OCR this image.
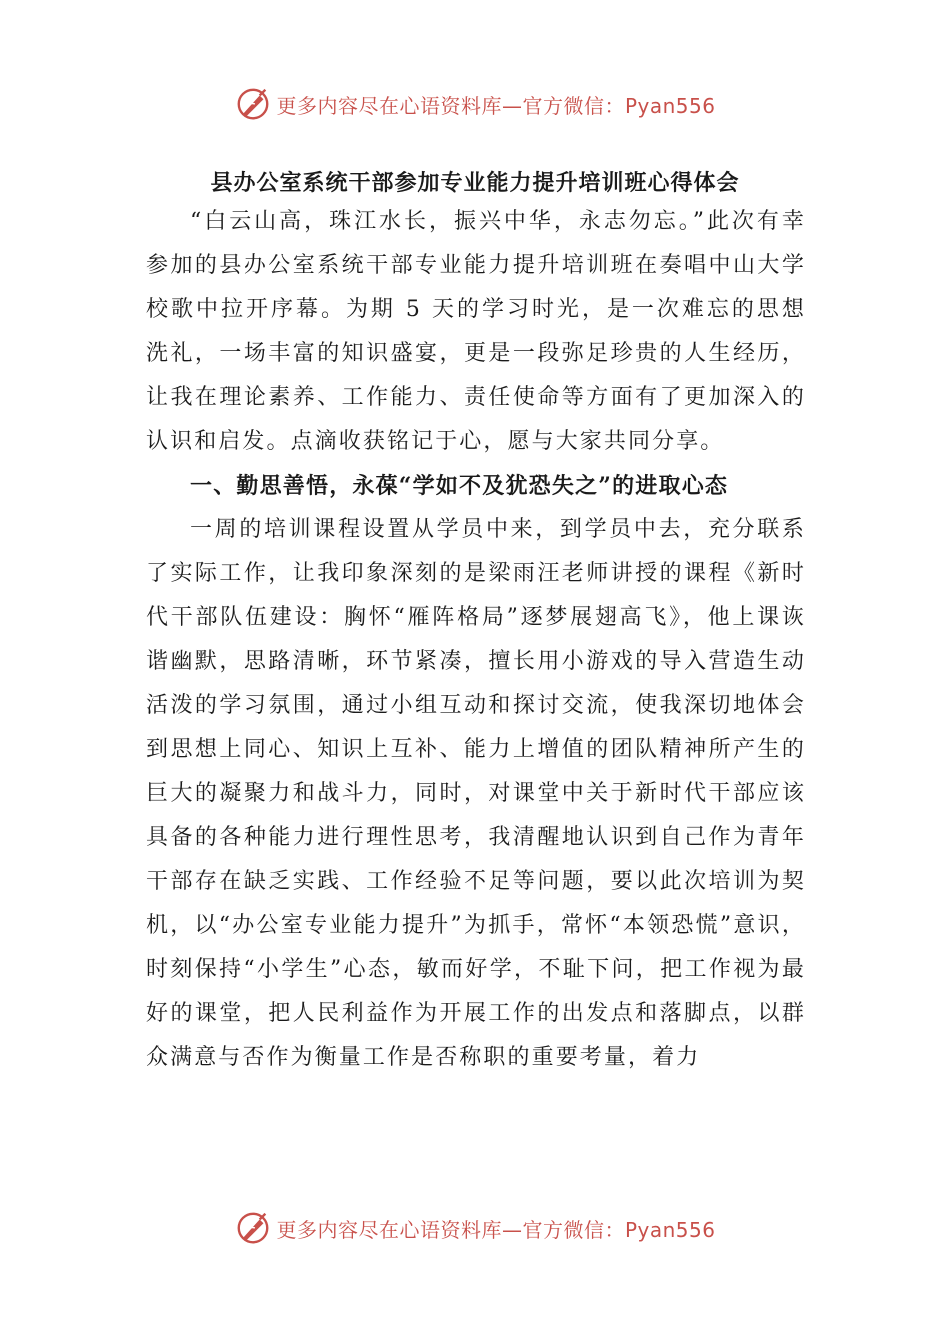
更多内容尽在心语资料库—官方微信：Pyan556
县办公室系统干部参加专业能力提升培训班心得体会

“白云山高，珠江水长，振兴中华，永志勿忘。”此次有幸参加的县办公室系统干部专业能力提升培训班在奏唱中山大学校歌中拉开序幕。为期 5 天的学习时光，是一次难忘的思想洗礼，一场丰富的知识盛宴，更是一段弥足珍贵的人生经历，让我在理论素养、工作能力、责任使命等方面有了更加深入的认识和启发。点滴收获铭记于心，愿与大家共同分享。

一、勤思善悟，永葆“学如不及犹恐失之”的进取心态

一周的培训课程设置从学员中来，到学员中去，充分联系了实际工作，让我印象深刻的是梁雨汪老师讲授的课程《新时代干部队伍建设：胸怀“雁阵格局”逐梦展翅高飞》，他上课诙谐幽默，思路清晰，环节紧凑，擅长用小游戏的导入营造生动活泼的学习氛围，通过小组互动和探讨交流，使我深切地体会到思想上同心、知识上互补、能力上增值的团队精神所产生的巨大的凝聚力和战斗力，同时，对课堂中关于新时代干部应该具备的各种能力进行理性思考，我清醒地认识到自己作为青年干部存在缺乏实践、工作经验不足等问题，要以此次培训为契机，以“办公室专业能力提升”为抓手，常怀“本领恐慌”意识，时刻保持“小学生”心态，敏而好学，不耻下问，把工作视为最好的课堂，把人民利益作为开展工作的出发点和落脚点，以群众满意与否作为衡量工作是否称职的重要考量，着力

更多内容尽在心语资料库—官方微信：Pyan556
